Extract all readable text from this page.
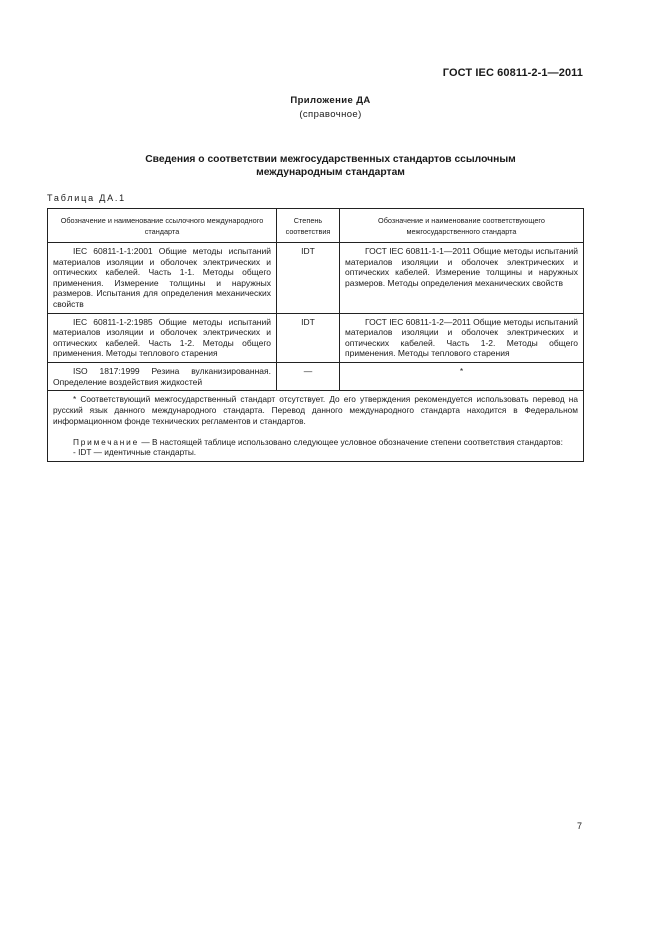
ГОСТ IEC 60811-2-1—2011
Приложение ДА
(справочное)
Сведения о соответствии межгосударственных стандартов ссылочным
международным стандартам
Таблица ДА.1
Обозначение и наименование ссылочного международного стандарта	Степень соответствия	Обозначение и наименование соответствующего межгосударственного стандарта
IEC 60811-1-1:2001 Общие методы испытаний материалов изоляции и оболочек электрических и оптических кабелей. Часть 1-1. Методы общего применения. Измерение толщины и наружных размеров. Испытания для определения механических свойств	IDT	ГОСТ IEC 60811-1-1—2011 Общие методы испытаний материалов изоляции и оболочек электрических и оптических кабелей. Измерение толщины и наружных размеров. Методы определения механических свойств
IEC 60811-1-2:1985 Общие методы испытаний материалов изоляции и оболочек электрических и оптических кабелей. Часть 1-2. Методы общего применения. Методы теплового старения	IDT	ГОСТ IEC 60811-1-2—2011 Общие методы испытаний материалов изоляции и оболочек электрических и оптических кабелей. Часть 1-2. Методы общего применения. Методы теплового старения
ISO 1817:1999 Резина вулканизированная. Определение воздействия жидкостей	—	*

* Соответствующий межгосударственный стандарт отсутствует. До его утверждения рекомендуется использовать перевод на русский язык данного международного стандарта. Перевод данного международного стандарта находится в Федеральном информационном фонде технических регламентов и стандартов.

Примечание — В настоящей таблице использовано следующее условное обозначение степени соответствия стандартов:

- IDT — идентичные стандарты.		

7
